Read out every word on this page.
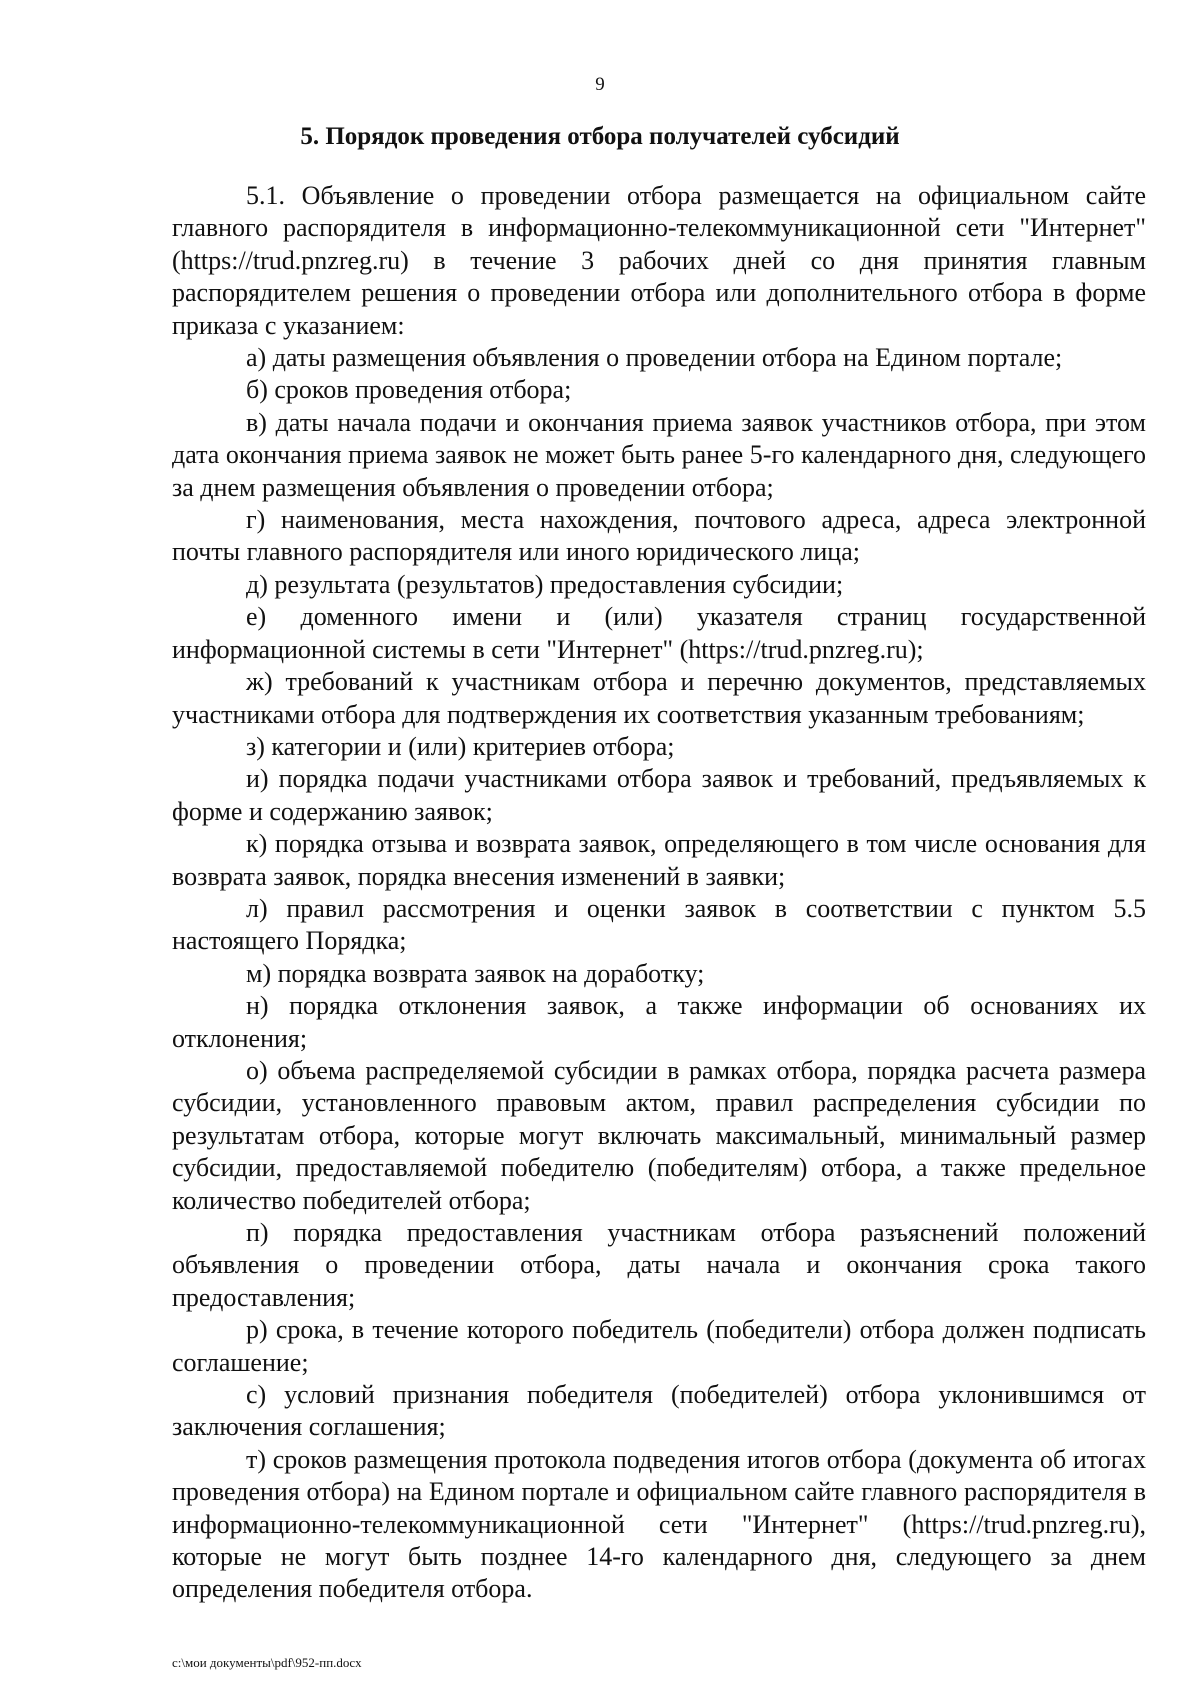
9
5. Порядок проведения отбора получателей субсидий

5.1. Объявление о проведении отбора размещается на официальном сайте главного распорядителя в информационно-телекоммуникационной сети "Интернет" (https://trud.pnzreg.ru) в течение 3 рабочих дней со дня принятия главным распорядителем решения о проведении отбора или дополнительного отбора в форме приказа с указанием:

а) даты размещения объявления о проведении отбора на Едином портале;

б) сроков проведения отбора;

в) даты начала подачи и окончания приема заявок участников отбора, при этом дата окончания приема заявок не может быть ранее 5-го календарного дня, следующего за днем размещения объявления о проведении отбора;

г) наименования, места нахождения, почтового адреса, адреса электронной почты главного распорядителя или иного юридического лица;

д) результата (результатов) предоставления субсидии;

е) доменного имени и (или) указателя страниц государственной информационной системы в сети "Интернет" (https://trud.pnzreg.ru);

ж) требований к участникам отбора и перечню документов, представляемых участниками отбора для подтверждения их соответствия указанным требованиям;

з) категории и (или) критериев отбора;

и) порядка подачи участниками отбора заявок и требований, предъявляемых к форме и содержанию заявок;

к) порядка отзыва и возврата заявок, определяющего в том числе основания для возврата заявок, порядка внесения изменений в заявки;

л) правил рассмотрения и оценки заявок в соответствии с пунктом 5.5 настоящего Порядка;

м) порядка возврата заявок на доработку;

н) порядка отклонения заявок, а также информации об основаниях их отклонения;

о) объема распределяемой субсидии в рамках отбора, порядка расчета размера субсидии, установленного правовым актом, правил распределения субсидии по результатам отбора, которые могут включать максимальный, минимальный размер субсидии, предоставляемой победителю (победителям) отбора, а также предельное количество победителей отбора;

п) порядка предоставления участникам отбора разъяснений положений объявления о проведении отбора, даты начала и окончания срока такого предоставления;

р) срока, в течение которого победитель (победители) отбора должен подписать соглашение;

с) условий признания победителя (победителей) отбора уклонившимся от заключения соглашения;

т) сроков размещения протокола подведения итогов отбора (документа об итогах проведения отбора) на Едином портале и официальном сайте главного распорядителя в информационно-телекоммуникационной сети "Интернет" (https://trud.pnzreg.ru), которые не могут быть позднее 14-го календарного дня, следующего за днем определения победителя отбора.

c:\мои документы\pdf\952-пп.docx
